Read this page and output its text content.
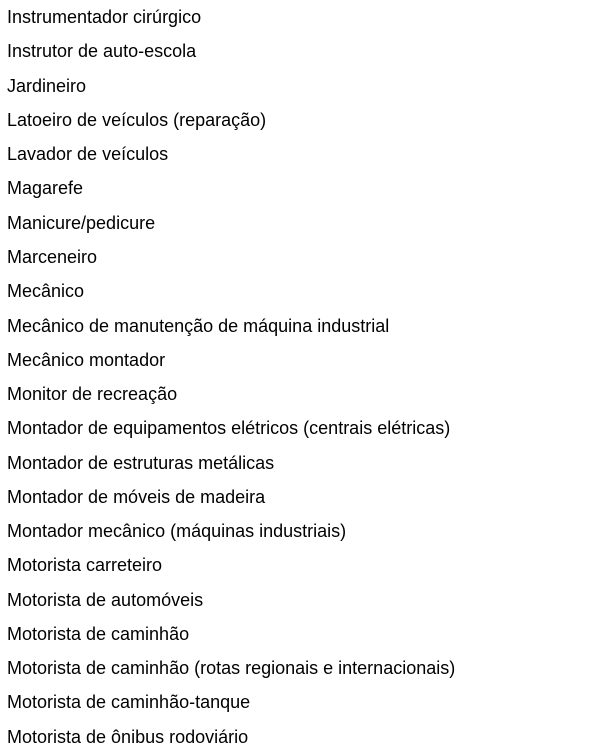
Instrumentador cirúrgico
Instrutor de auto-escola
Jardineiro
Latoeiro de veículos (reparação)
Lavador de veículos
Magarefe
Manicure/pedicure
Marceneiro
Mecânico
Mecânico de manutenção de máquina industrial
Mecânico montador
Monitor de recreação
Montador de equipamentos elétricos (centrais elétricas)
Montador de estruturas metálicas
Montador de móveis de madeira
Montador mecânico (máquinas industriais)
Motorista carreteiro
Motorista de automóveis
Motorista de caminhão
Motorista de caminhão (rotas regionais e internacionais)
Motorista de caminhão-tanque
Motorista de ônibus rodoviário
